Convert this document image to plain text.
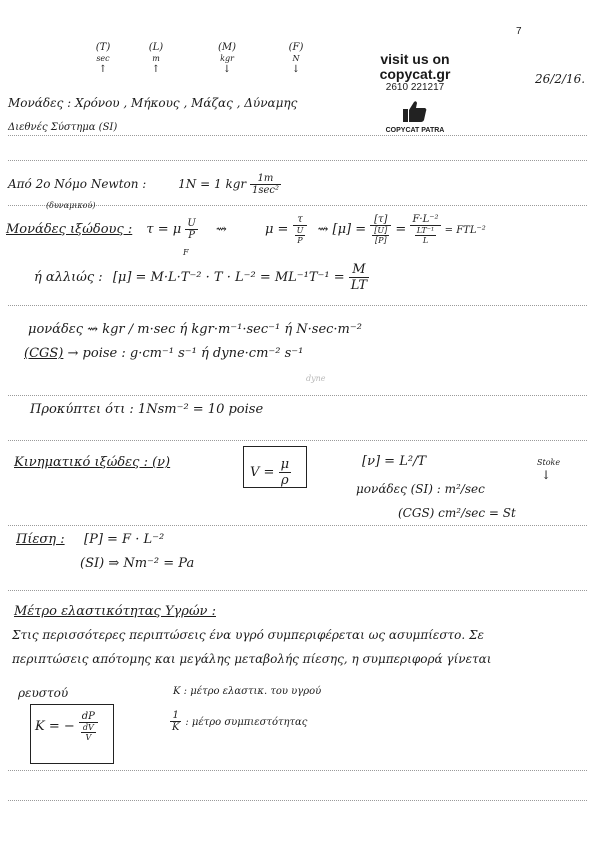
7
(T)
sec
↑
(L)
m
↑
(M)
kgr
↓
(F)
N
↓
visit us on
copycat.gr
2610 221217
COPYCAT PATRA
26/2/16.
Μονάδες : Χρόνου , Μήκους , Μάζας , Δύναμης
Διεθνές Σύστημα (SI)
Από 2ο Νόμο Newton :	1N = 1 kgr $\frac{1m}{\text{1sec²}}$
(δυναμικού)
Μονάδες ιξώδους : τ = μ $\frac{U}{P}$ ⇝	$\mu = \frac{\tau}{\frac{U}{P}}$ ⇝ $[\mu] = \frac{[\tau]}{\frac{[U]}{[P]}} = \frac{\text{F·L⁻²}}{\frac{\text{LT⁻¹}}{L}} = FTL^{-2}$
F
ή αλλιώς : $[\mu] = M\cdot L\cdot T^{-2} \cdot T \cdot L^{-2} = ML^{-1}T^{-1} = \frac{M}{LT}$
μονάδες ⇝ kgr / m·sec ή kgr·m⁻¹·sec⁻¹ ή N·sec·m⁻²
(CGS) → poise : g·cm⁻¹ s⁻¹ ή dyne·cm⁻² s⁻¹
dyne
Προκύπτει ότι : 1Nsm⁻² = 10 poise
Κινηματικό ιξώδες : (ν)
$V = \frac{\mu}{\rho}$	[ν] = L²/T	Stoke
↓
μονάδες (SI) : m²/sec
(CGS) cm²/sec = St
Πίεση : [P] = F · L⁻²
(SI) ⇒ Nm⁻² = Pa
Μέτρο ελαστικότητας Υγρών :
Στις περισσότερες περιπτώσεις ένα υγρό συμπεριφέρεται ως ασυμπίεστο. Σε
περιπτώσεις απότομης και μεγάλης μεταβολής πίεσης, η συμπεριφορά γίνεται
ρευστού	K : μέτρο ελαστικ. του υγρού
K = − $\frac{dP}{\frac{dV}{V}}$	$\frac{1}{K}$ : μέτρο συμπιεστότητας
